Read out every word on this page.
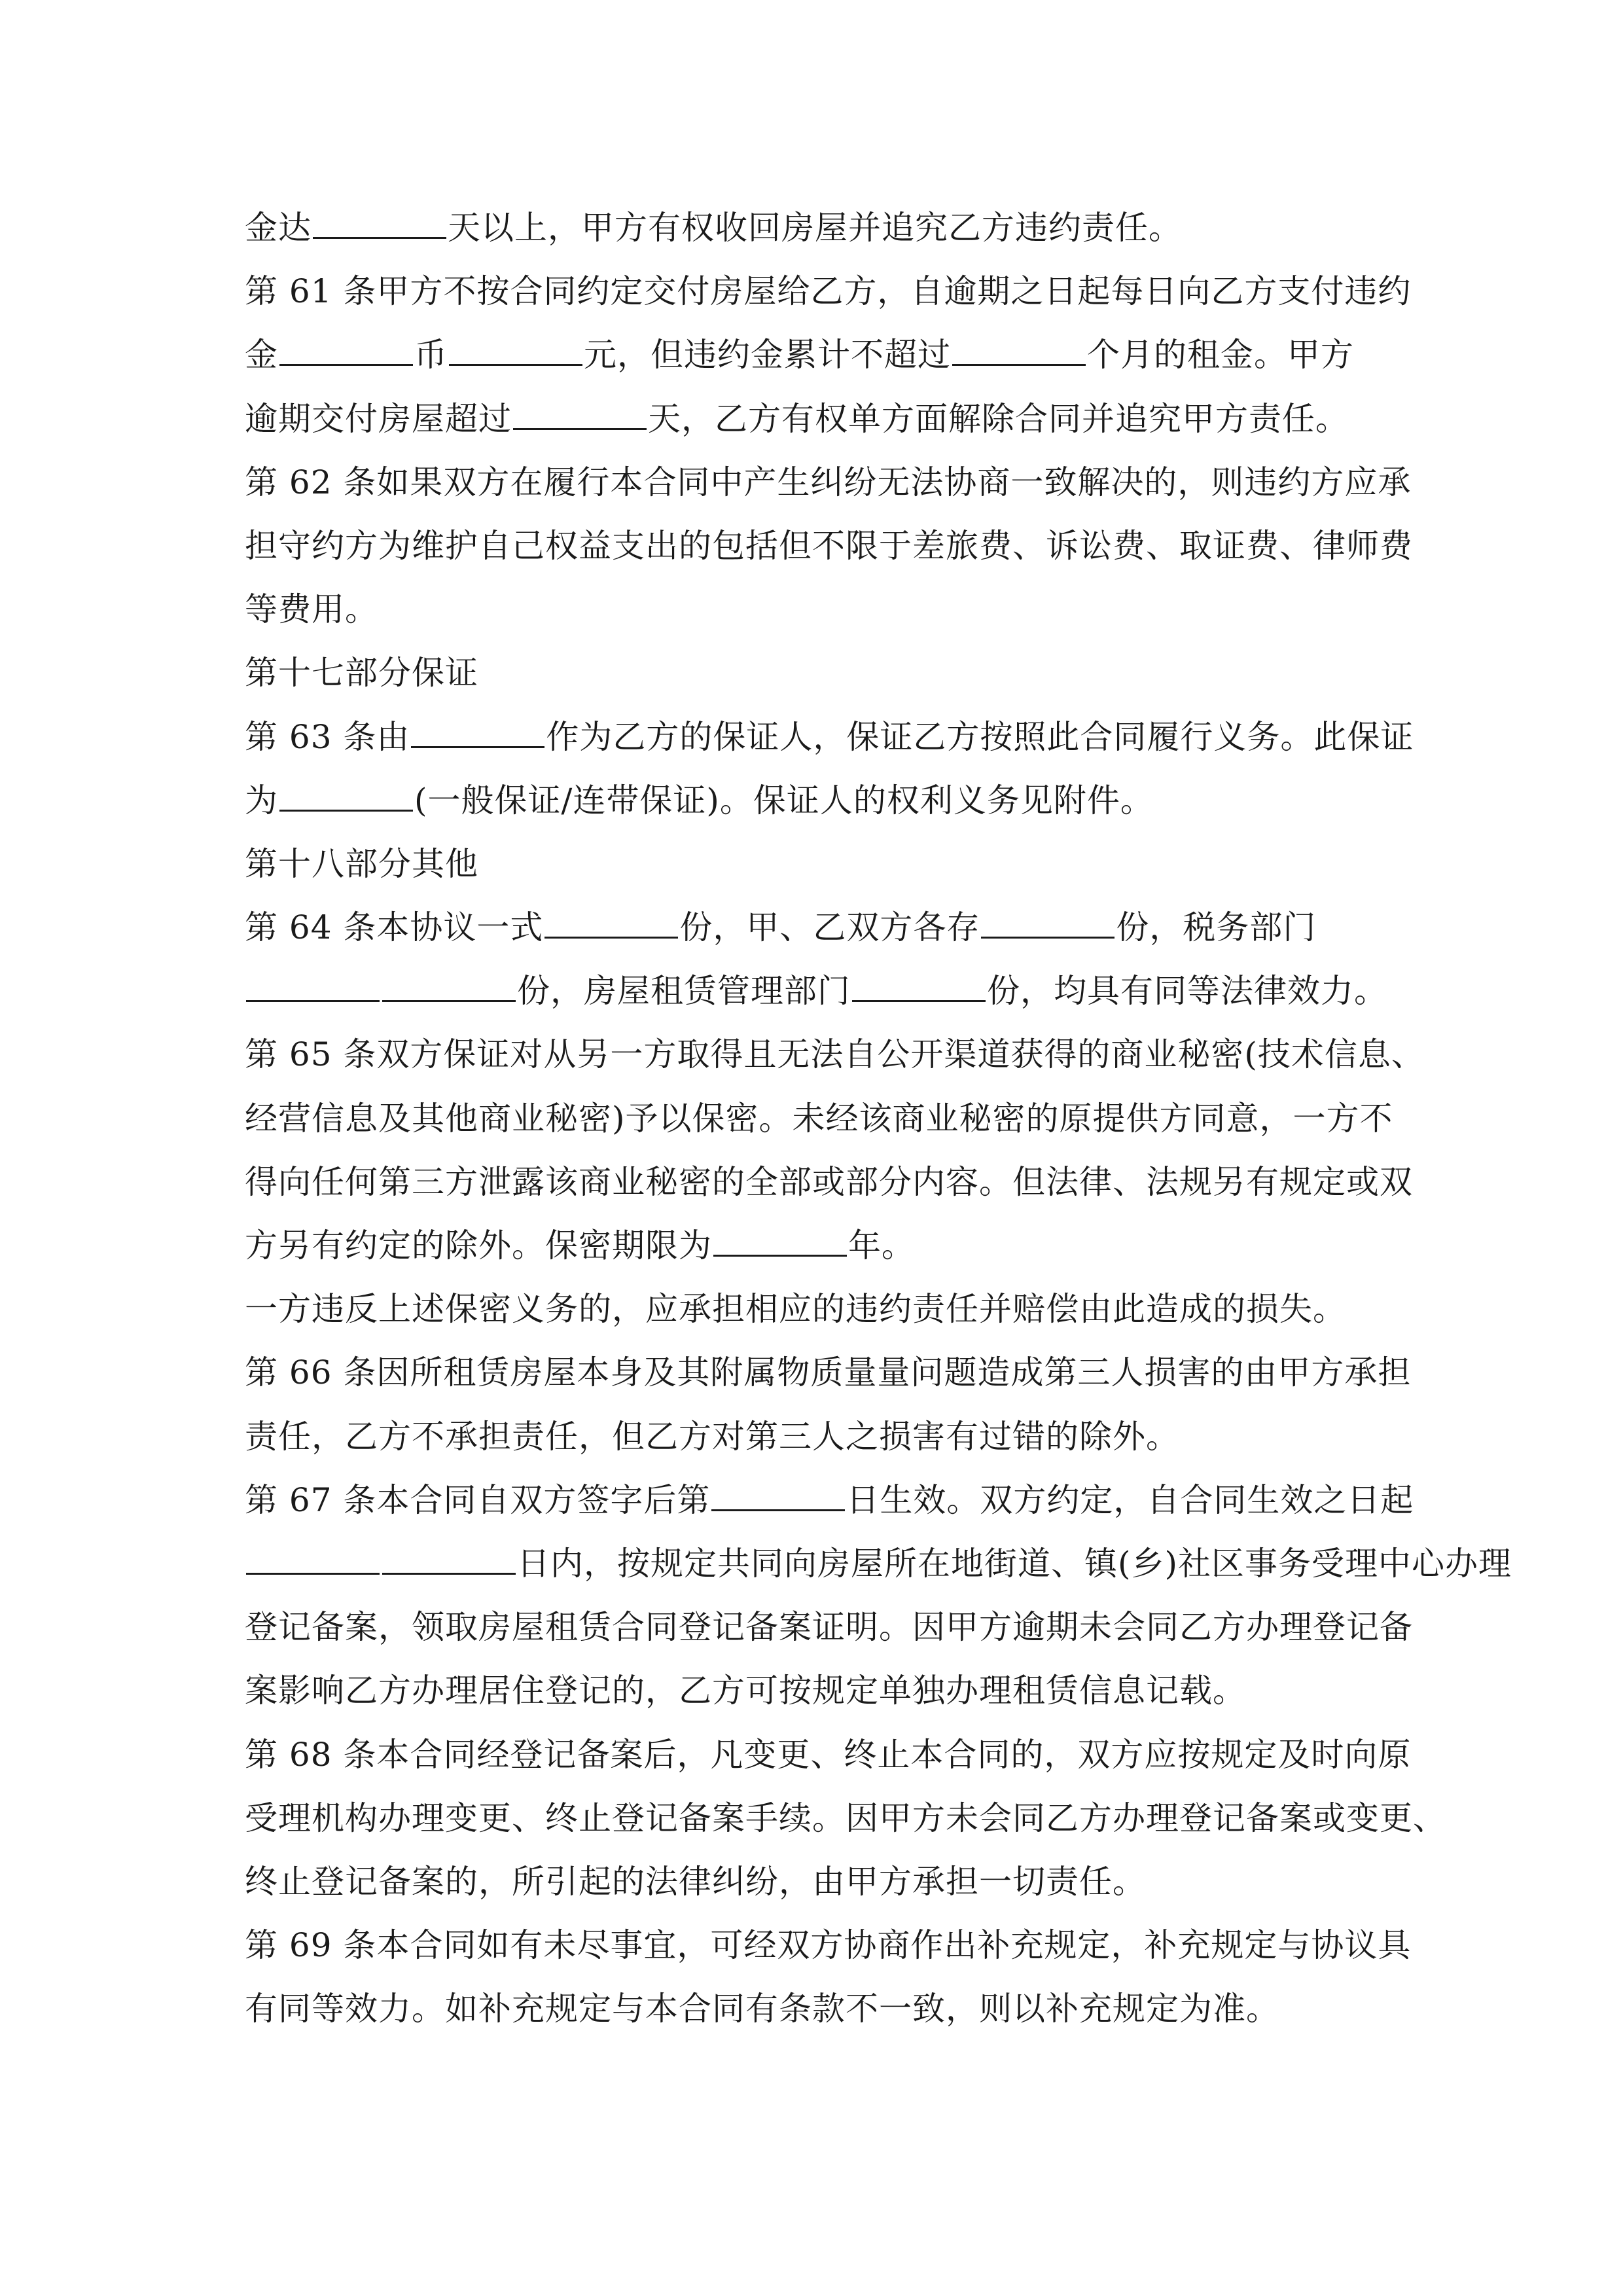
金达	天以上，甲方有权收回房屋并追究乙方违约责任。
第 61 条甲方不按合同约定交付房屋给乙方，自逾期之日起每日向乙方支付违约
金	币	元，但违约金累计不超过	个月的租金。甲方
逾期交付房屋超过	天，乙方有权单方面解除合同并追究甲方责任。
第 62 条如果双方在履行本合同中产生纠纷无法协商一致解决的，则违约方应承
担守约方为维护自己权益支出的包括但不限于差旅费、诉讼费、取证费、律师费
等费用。
第十七部分保证
第 63 条由	作为乙方的保证人，保证乙方按照此合同履行义务。此保证
为	(一般保证/连带保证)。保证人的权利义务见附件。
第十八部分其他
第 64 条本协议一式	份，甲、乙双方各存	份，税务部门
份，房屋租赁管理部门	份，均具有同等法律效力。
第 65 条双方保证对从另一方取得且无法自公开渠道获得的商业秘密(技术信息、
经营信息及其他商业秘密)予以保密。未经该商业秘密的原提供方同意，一方不
得向任何第三方泄露该商业秘密的全部或部分内容。但法律、法规另有规定或双
方另有约定的除外。保密期限为	年。
一方违反上述保密义务的，应承担相应的违约责任并赔偿由此造成的损失。
第 66 条因所租赁房屋本身及其附属物质量量问题造成第三人损害的由甲方承担
责任，乙方不承担责任，但乙方对第三人之损害有过错的除外。
第 67 条本合同自双方签字后第	日生效。双方约定，自合同生效之日起
日内，按规定共同向房屋所在地街道、镇(乡)社区事务受理中心办理
登记备案，领取房屋租赁合同登记备案证明。因甲方逾期未会同乙方办理登记备
案影响乙方办理居住登记的，乙方可按规定单独办理租赁信息记载。
第 68 条本合同经登记备案后，凡变更、终止本合同的，双方应按规定及时向原
受理机构办理变更、终止登记备案手续。因甲方未会同乙方办理登记备案或变更、
终止登记备案的，所引起的法律纠纷，由甲方承担一切责任。
第 69 条本合同如有未尽事宜，可经双方协商作出补充规定，补充规定与协议具
有同等效力。如补充规定与本合同有条款不一致，则以补充规定为准。
